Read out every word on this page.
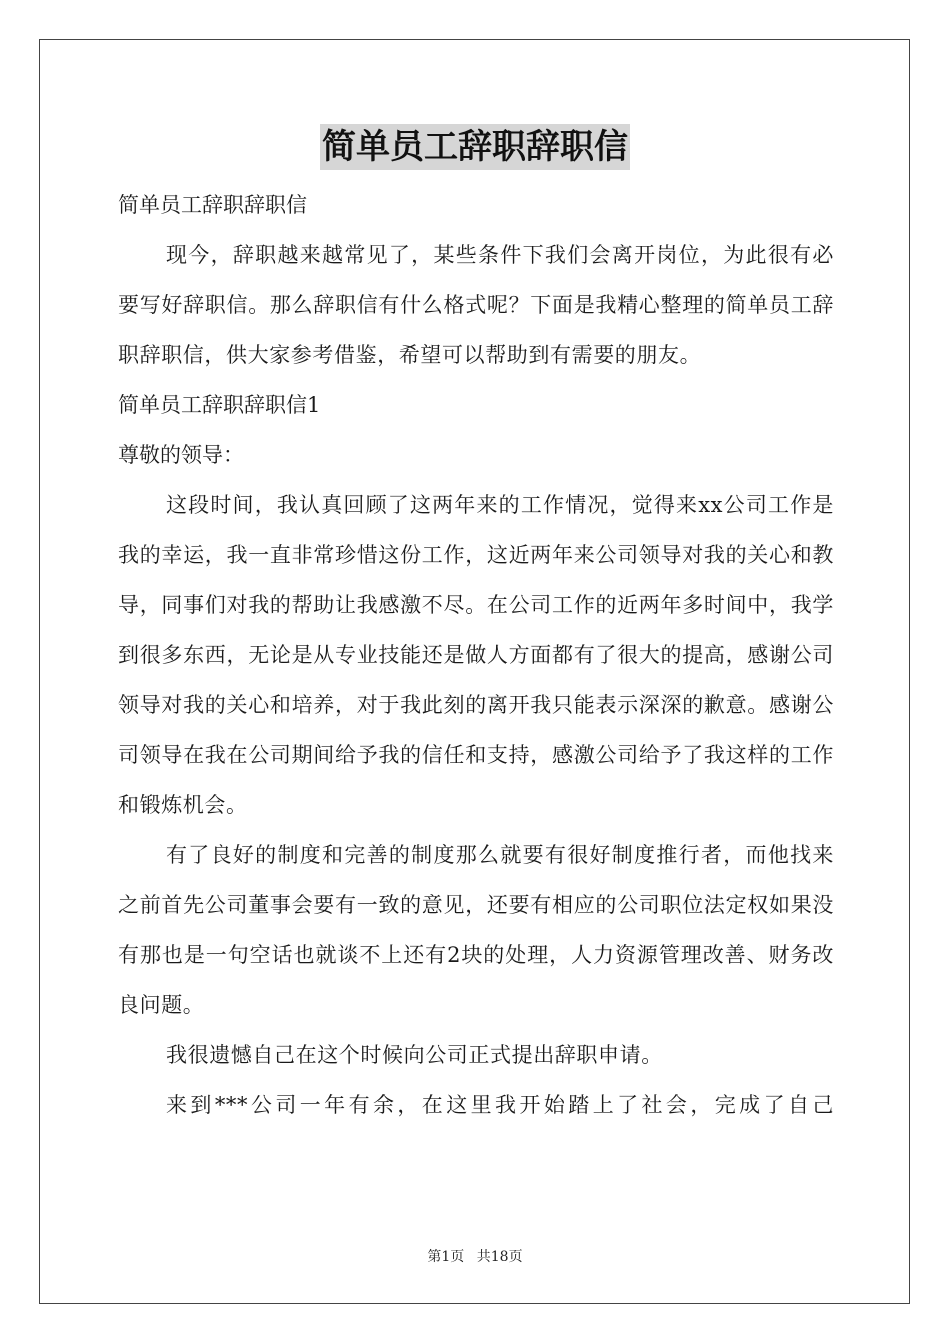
简单员工辞职辞职信

简单员工辞职辞职信

现今，辞职越来越常见了，某些条件下我们会离开岗位，为此很有必要写好辞职信。那么辞职信有什么格式呢？下面是我精心整理的简单员工辞职辞职信，供大家参考借鉴，希望可以帮助到有需要的朋友。

简单员工辞职辞职信1

尊敬的领导：

这段时间，我认真回顾了这两年来的工作情况，觉得来xx公司工作是我的幸运，我一直非常珍惜这份工作，这近两年来公司领导对我的关心和教导，同事们对我的帮助让我感激不尽。在公司工作的近两年多时间中，我学到很多东西，无论是从专业技能还是做人方面都有了很大的提高，感谢公司领导对我的关心和培养，对于我此刻的离开我只能表示深深的歉意。感谢公司领导在我在公司期间给予我的信任和支持，感激公司给予了我这样的工作和锻炼机会。

有了良好的制度和完善的制度那么就要有很好制度推行者，而他找来之前首先公司董事会要有一致的意见，还要有相应的公司职位法定权如果没有那也是一句空话也就谈不上还有2块的处理，人力资源管理改善、财务改良问题。

我很遗憾自己在这个时候向公司正式提出辞职申请。

来到***公司一年有余，在这里我开始踏上了社会，完成了自己

第1页 共18页
